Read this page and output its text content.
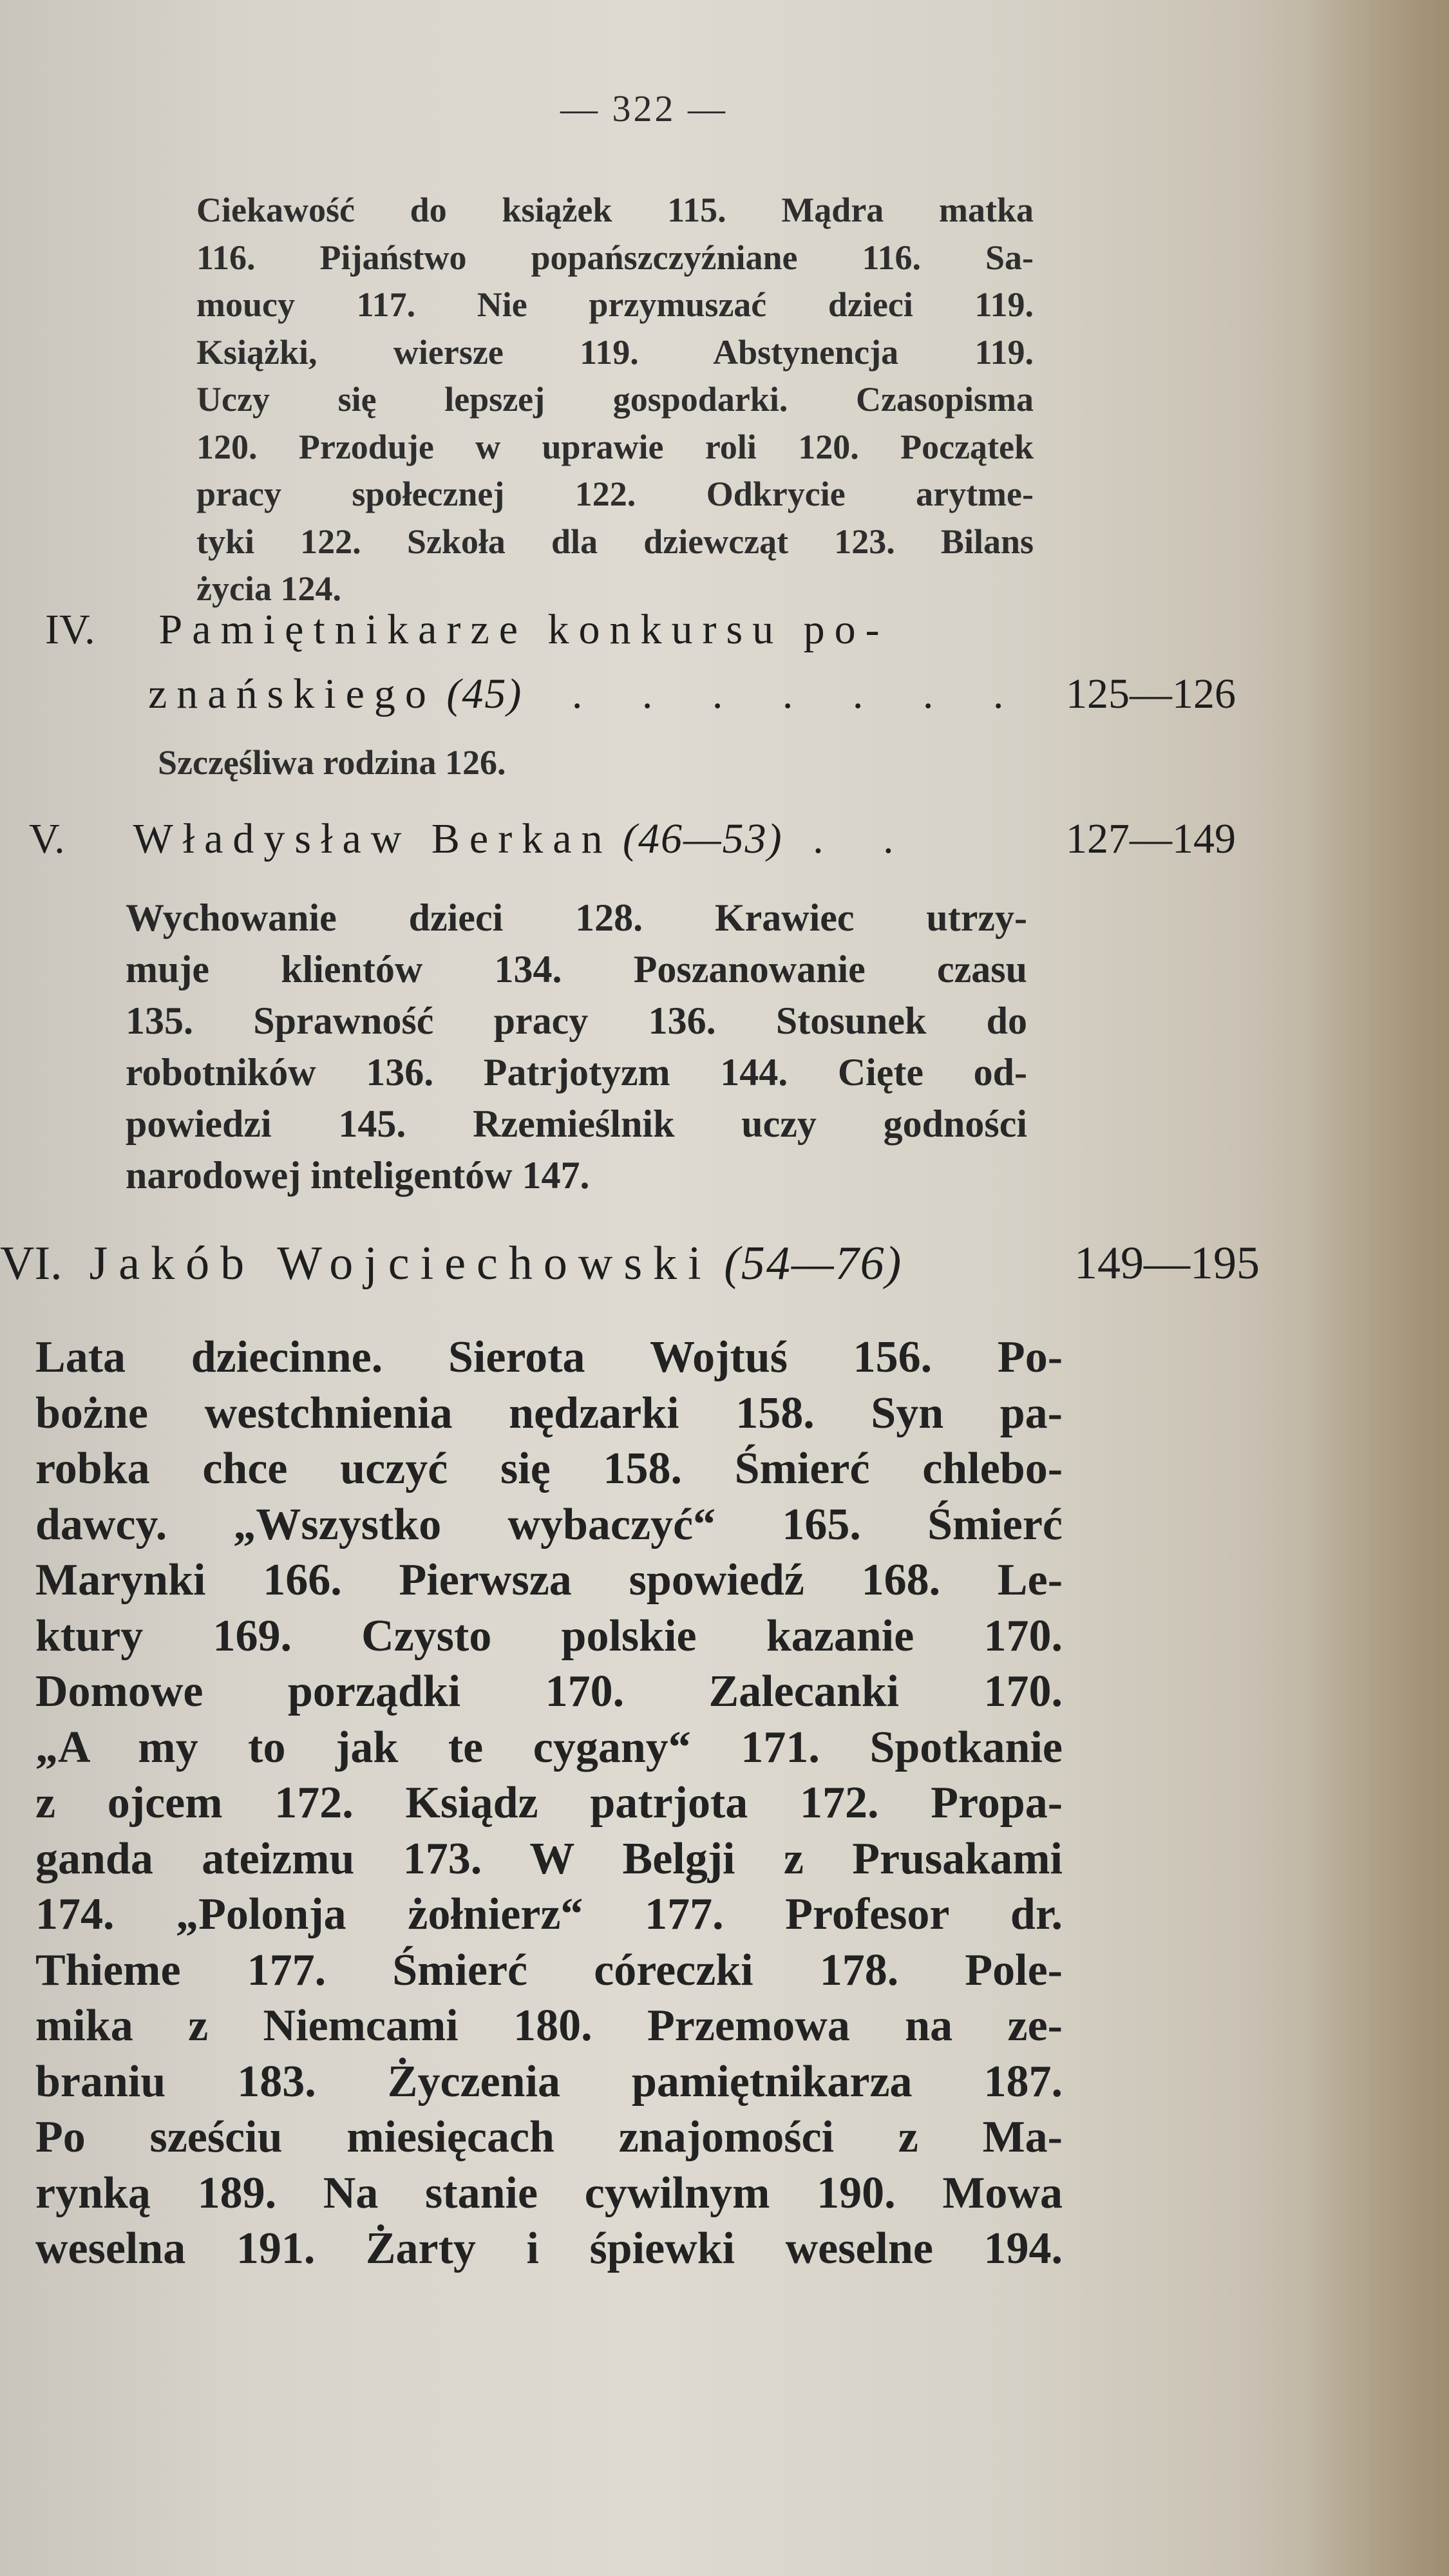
— 322 —
Ciekawość do książek 115. Mądra matka
116. Pijaństwo popańszczyźniane 116. Sa-
moucy 117. Nie przymuszać dzieci 119.
Książki, wiersze 119. Abstynencja 119.
Uczy się lepszej gospodarki. Czasopisma
120. Przoduje w uprawie roli 120. Początek
pracy społecznej 122. Odkrycie arytme-
tyki 122. Szkoła dla dziewcząt 123. Bilans
życia 124.
IV. Pamiętnikarze konkursu po-
znańskiego (45) . . . . . . . 125—126
Szczęśliwa rodzina 126.
V. Władysław Berkan (46—53) . .	127—149
Wychowanie dzieci 128. Krawiec utrzy-
muje klientów 134. Poszanowanie czasu
135. Sprawność pracy 136. Stosunek do
robotników 136. Patrjotyzm 144. Cięte od-
powiedzi 145. Rzemieślnik uczy godności
narodowej inteligentów 147.
VI. Jakób Wojciechowski (54—76)	149—195
Lata dziecinne. Sierota Wojtuś 156. Po-
bożne westchnienia nędzarki 158. Syn pa-
robka chce uczyć się 158. Śmierć chlebo-
dawcy. „Wszystko wybaczyć“ 165. Śmierć
Marynki 166. Pierwsza spowiedź 168. Le-
ktury 169. Czysto polskie kazanie 170.
Domowe porządki 170. Zalecanki 170.
„A my to jak te cygany“ 171. Spotkanie
z ojcem 172. Ksiądz patrjota 172. Propa-
ganda ateizmu 173. W Belgji z Prusakami
174. „Polonja żołnierz“ 177. Profesor dr.
Thieme 177. Śmierć córeczki 178. Pole-
mika z Niemcami 180. Przemowa na ze-
braniu 183. Życzenia pamiętnikarza 187.
Po sześciu miesięcach znajomości z Ma-
rynką 189. Na stanie cywilnym 190. Mowa
weselna 191. Żarty i śpiewki weselne 194.
